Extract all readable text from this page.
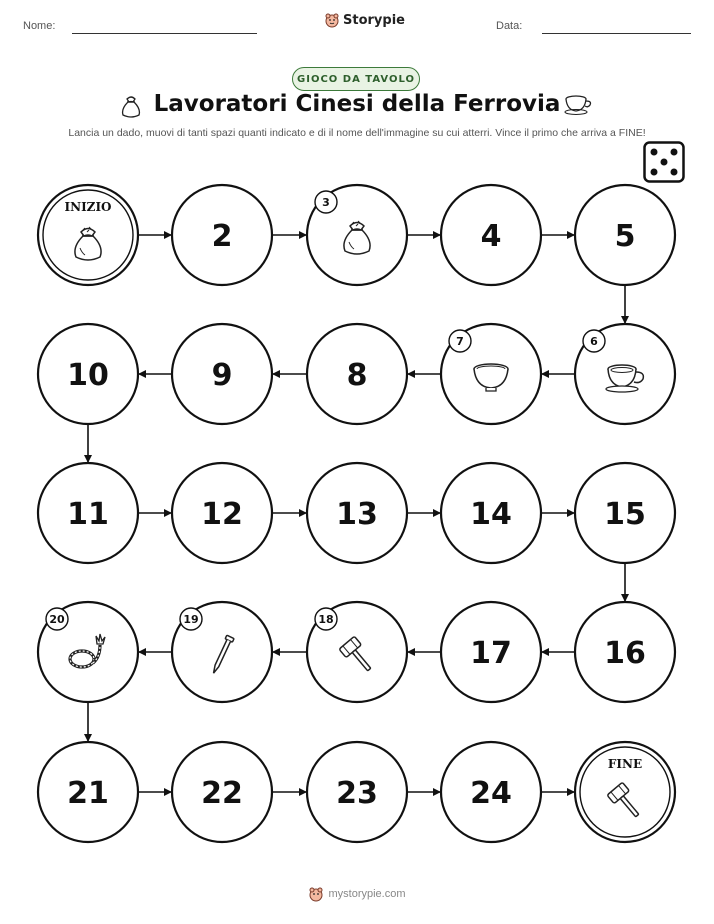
Nome:	Storypie	Data:
GIOCO DA TAVOLO
Lavoratori Cinesi della Ferrovia
Lancia un dado, muovi di tanti spazi quanti indicato e di il nome dell'immagine su cui atterri. Vince il primo che arriva a FINE!
INIZIO
2
3
4	5
6
7
8
9
10
11	12	13	14	15
16
17
18
19
20
21	22	23	24
FINE
mystorypie.com
